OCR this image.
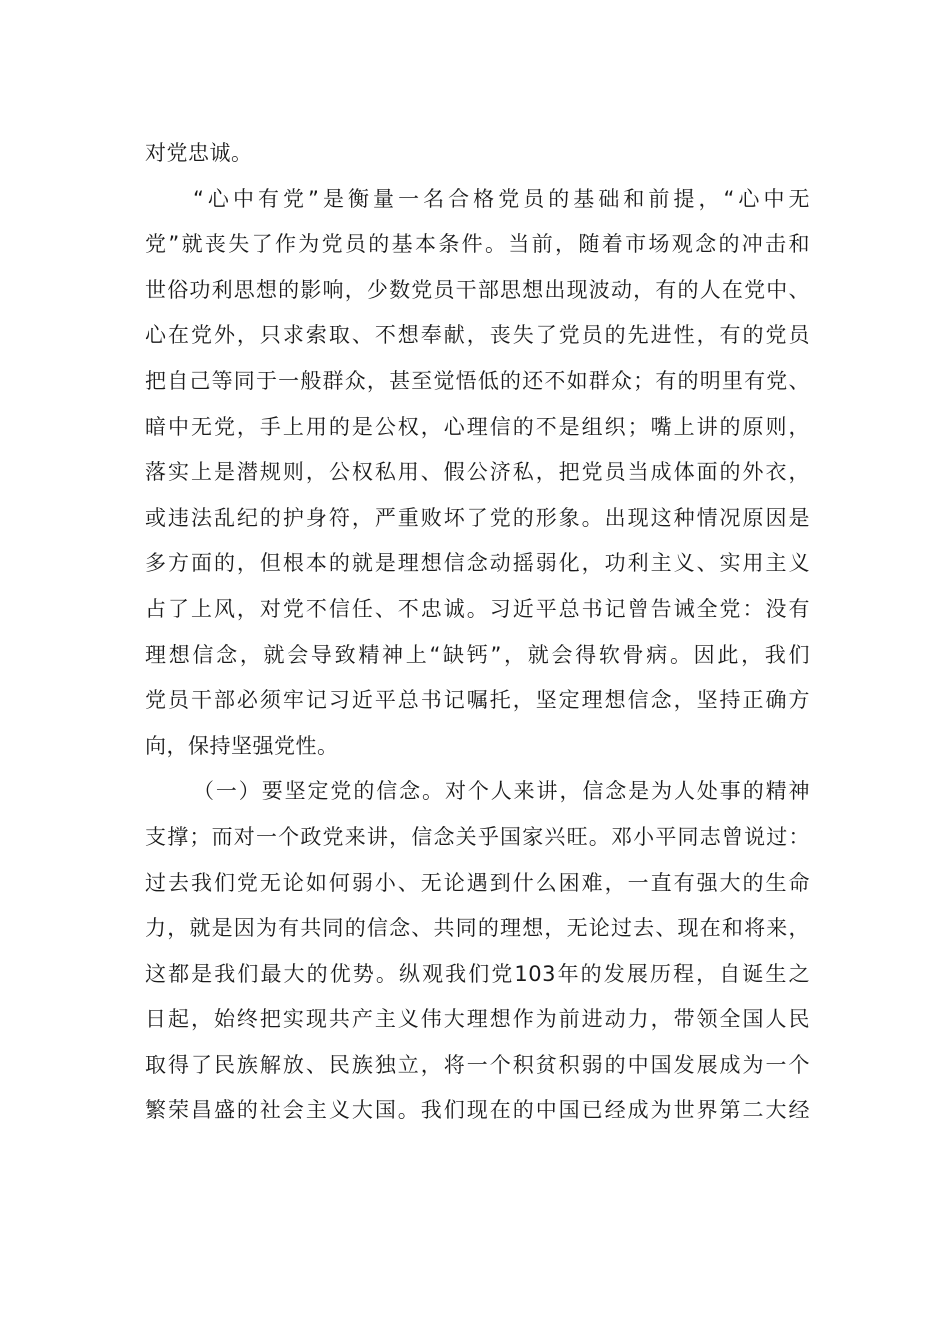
对党忠诚。
“心中有党”是衡量一名合格党员的基础和前提，“心中无
党”就丧失了作为党员的基本条件。当前，随着市场观念的冲击和
世俗功利思想的影响，少数党员干部思想出现波动，有的人在党中、
心在党外，只求索取、不想奉献，丧失了党员的先进性，有的党员
把自己等同于一般群众，甚至觉悟低的还不如群众；有的明里有党、
暗中无党，手上用的是公权，心理信的不是组织；嘴上讲的原则，
落实上是潜规则，公权私用、假公济私，把党员当成体面的外衣，
或违法乱纪的护身符，严重败坏了党的形象。出现这种情况原因是
多方面的，但根本的就是理想信念动摇弱化，功利主义、实用主义
占了上风，对党不信任、不忠诚。习近平总书记曾告诫全党：没有
理想信念，就会导致精神上“缺钙”，就会得软骨病。因此，我们
党员干部必须牢记习近平总书记嘱托，坚定理想信念，坚持正确方
向，保持坚强党性。
（一）要坚定党的信念。对个人来讲，信念是为人处事的精神
支撑；而对一个政党来讲，信念关乎国家兴旺。邓小平同志曾说过：
过去我们党无论如何弱小、无论遇到什么困难，一直有强大的生命
力，就是因为有共同的信念、共同的理想，无论过去、现在和将来，
这都是我们最大的优势。纵观我们党103年的发展历程，自诞生之
日起，始终把实现共产主义伟大理想作为前进动力，带领全国人民
取得了民族解放、民族独立，将一个积贫积弱的中国发展成为一个
繁荣昌盛的社会主义大国。我们现在的中国已经成为世界第二大经
